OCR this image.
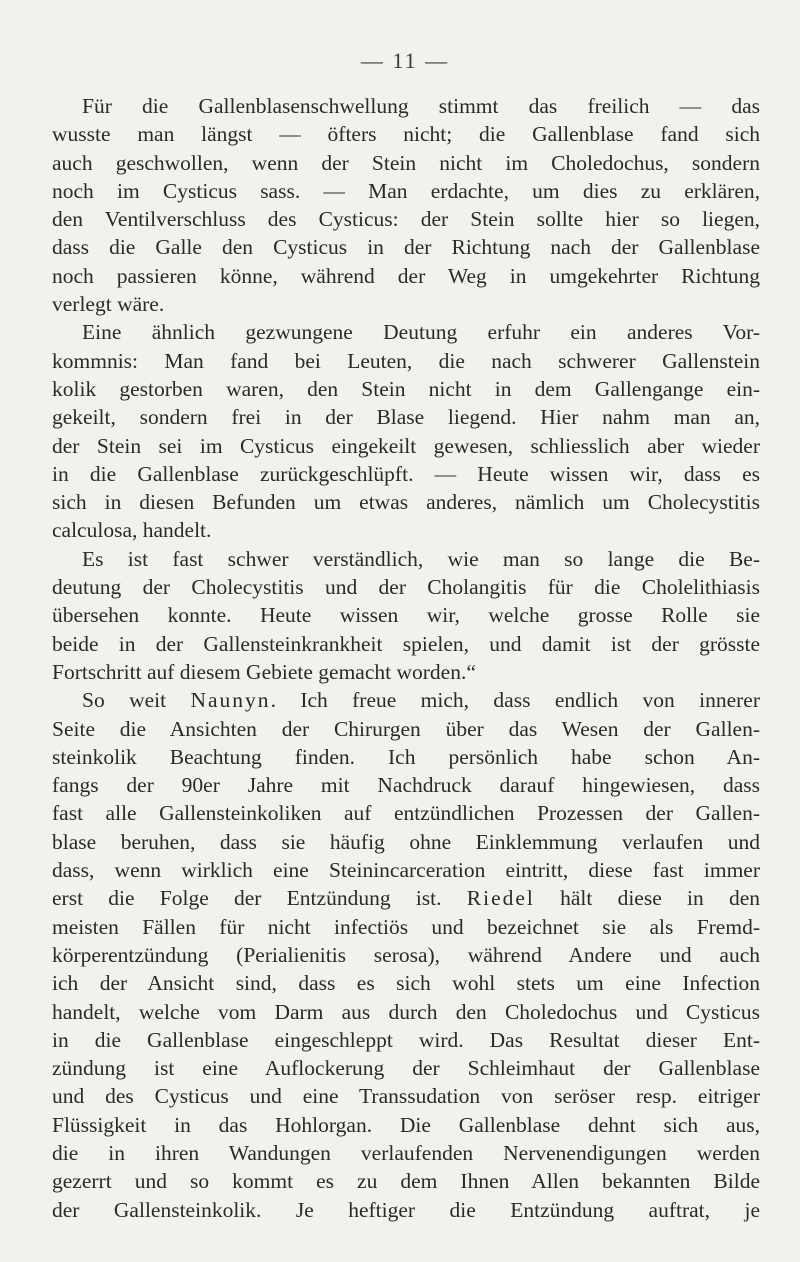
— 11 —

Für die Gallenblasenschwellung stimmt das freilich — das
wusste man längst — öfters nicht; die Gallenblase fand sich
auch geschwollen, wenn der Stein nicht im Choledochus, sondern
noch im Cysticus sass. — Man erdachte, um dies zu erklären,
den Ventilverschluss des Cysticus: der Stein sollte hier so liegen,
dass die Galle den Cysticus in der Richtung nach der Gallenblase
noch passieren könne, während der Weg in umgekehrter Richtung
verlegt wäre.

Eine ähnlich gezwungene Deutung erfuhr ein anderes Vor-
kommnis: Man fand bei Leuten, die nach schwerer Gallenstein
kolik gestorben waren, den Stein nicht in dem Gallengange ein-
gekeilt, sondern frei in der Blase liegend. Hier nahm man an,
der Stein sei im Cysticus eingekeilt gewesen, schliesslich aber wieder
in die Gallenblase zurückgeschlüpft. — Heute wissen wir, dass es
sich in diesen Befunden um etwas anderes, nämlich um Cholecystitis
calculosa, handelt.

Es ist fast schwer verständlich, wie man so lange die Be-
deutung der Cholecystitis und der Cholangitis für die Cholelithiasis
übersehen konnte. Heute wissen wir, welche grosse Rolle sie
beide in der Gallensteinkrankheit spielen, und damit ist der grösste
Fortschritt auf diesem Gebiete gemacht worden.“

So weit Naunyn. Ich freue mich, dass endlich von innerer
Seite die Ansichten der Chirurgen über das Wesen der Gallen-
steinkolik Beachtung finden. Ich persönlich habe schon An-
fangs der 90er Jahre mit Nachdruck darauf hingewiesen, dass
fast alle Gallensteinkoliken auf entzündlichen Prozessen der Gallen-
blase beruhen, dass sie häufig ohne Einklemmung verlaufen und
dass, wenn wirklich eine Steinincarceration eintritt, diese fast immer
erst die Folge der Entzündung ist. Riedel hält diese in den
meisten Fällen für nicht infectiös und bezeichnet sie als Fremd-
körperentzündung (Perialienitis serosa), während Andere und auch
ich der Ansicht sind, dass es sich wohl stets um eine Infection
handelt, welche vom Darm aus durch den Choledochus und Cysticus
in die Gallenblase eingeschleppt wird. Das Resultat dieser Ent-
zündung ist eine Auflockerung der Schleimhaut der Gallenblase
und des Cysticus und eine Transsudation von seröser resp. eitriger
Flüssigkeit in das Hohlorgan. Die Gallenblase dehnt sich aus,
die in ihren Wandungen verlaufenden Nervenendigungen werden
gezerrt und so kommt es zu dem Ihnen Allen bekannten Bilde
der Gallensteinkolik. Je heftiger die Entzündung auftrat, je
